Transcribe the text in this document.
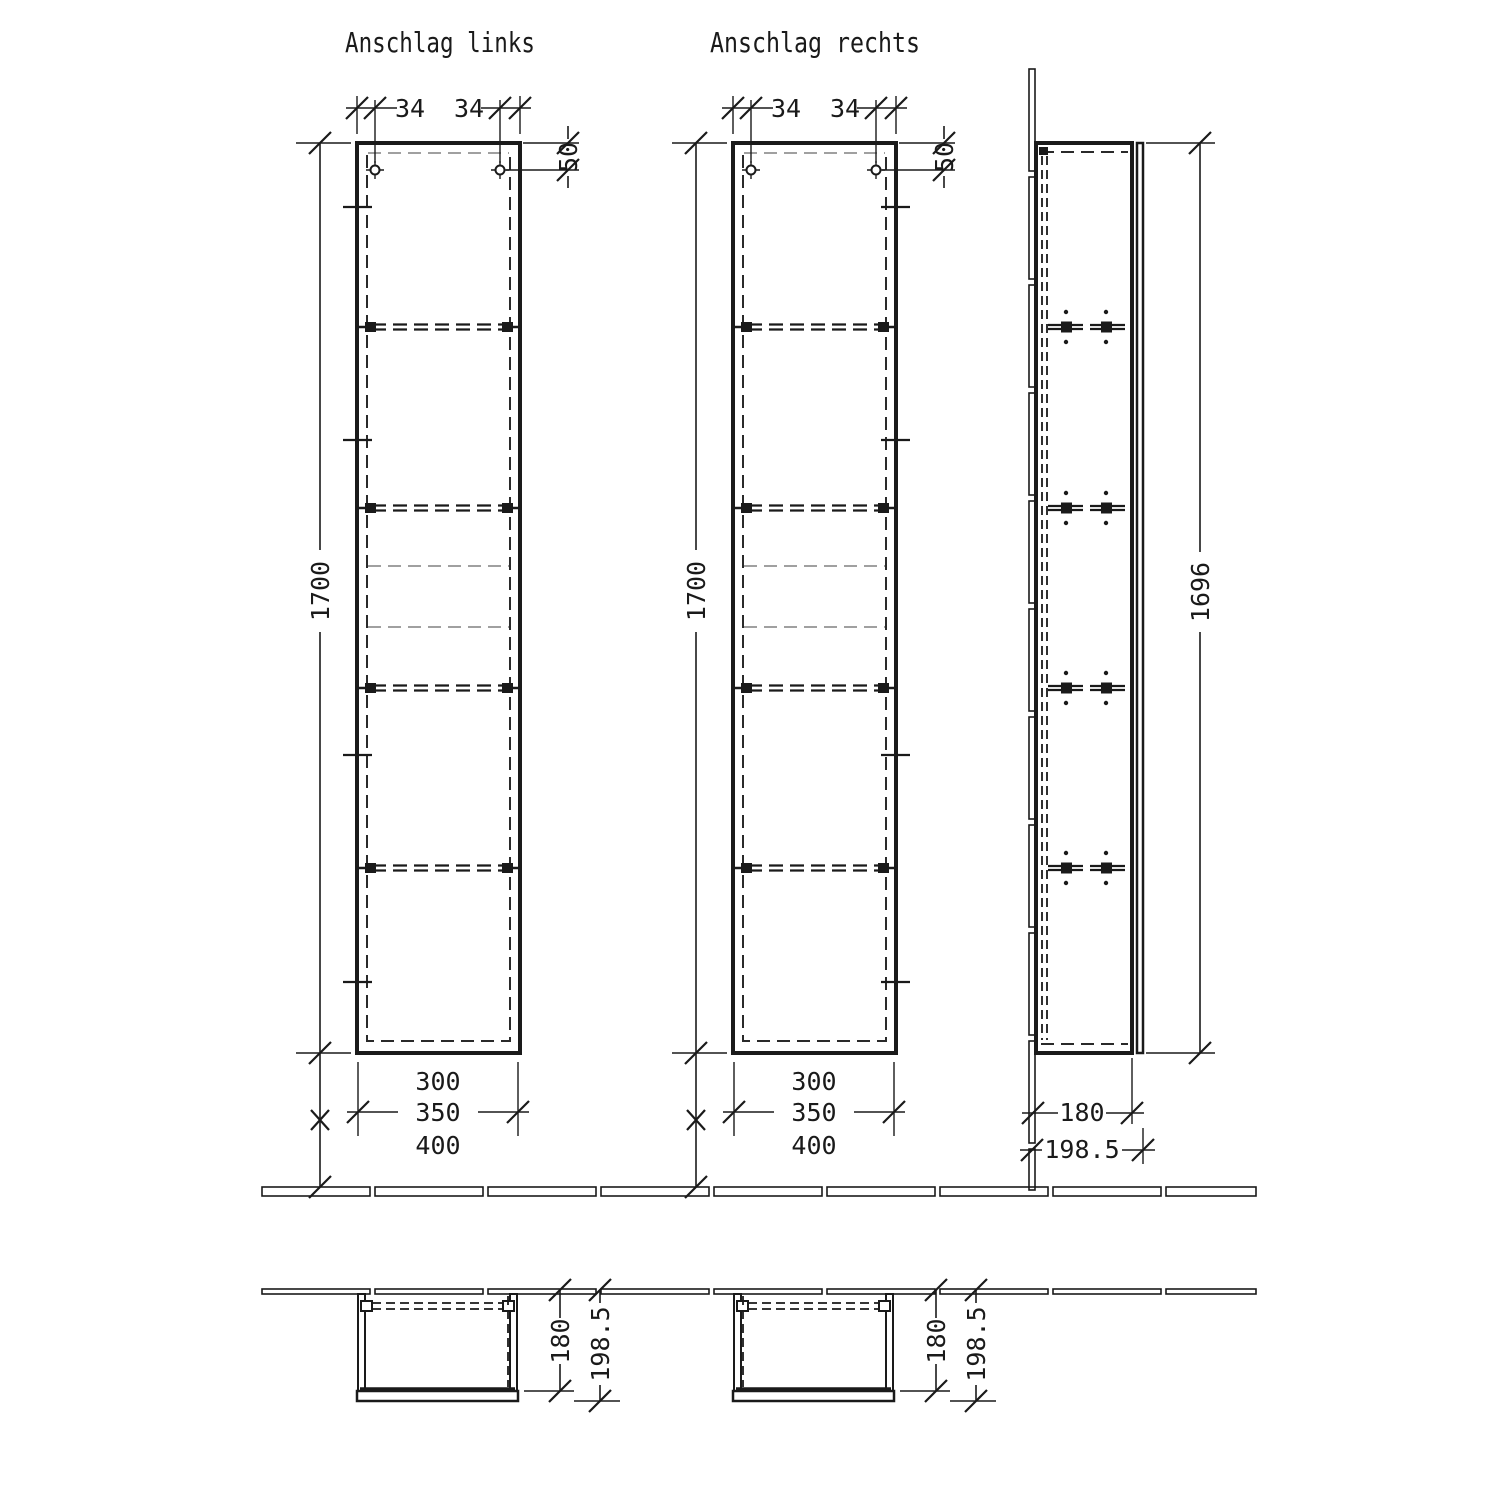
Anschlag links	Anschlag rechts
1696
180
198.5
